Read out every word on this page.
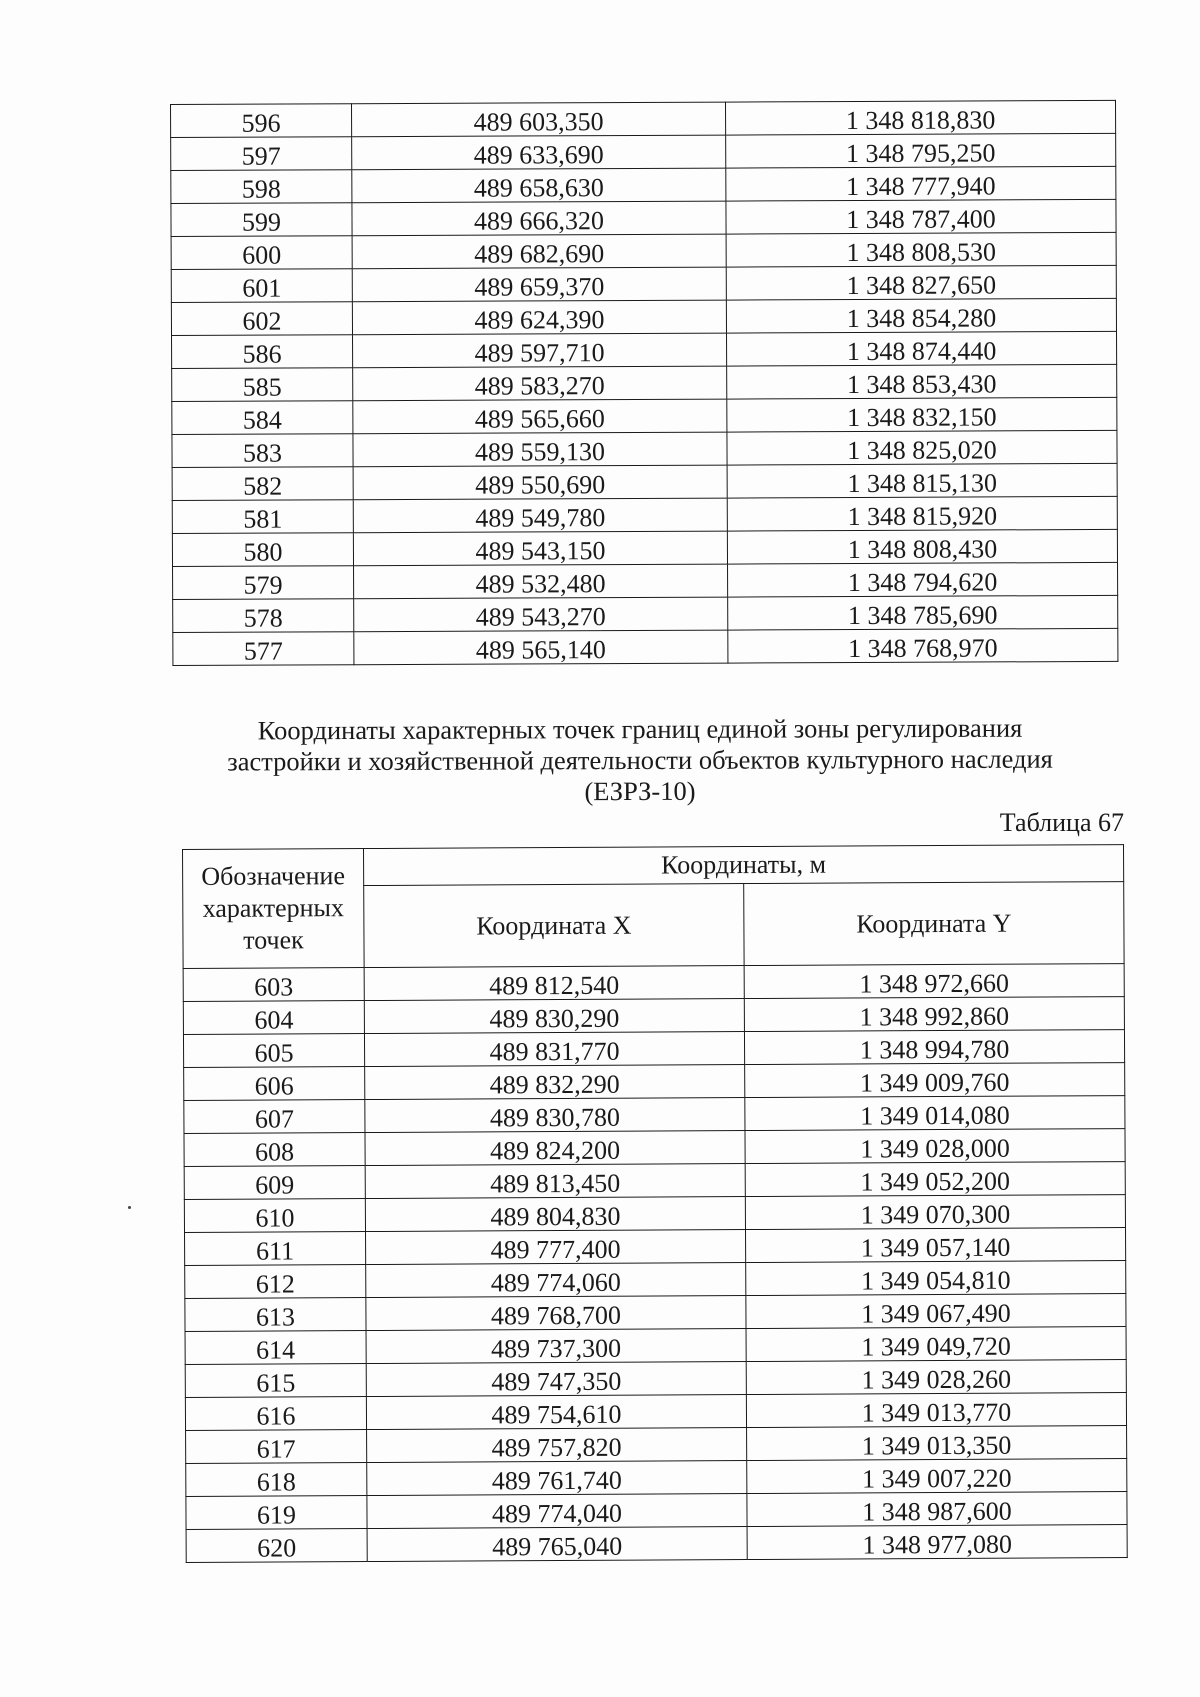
596	489 603,350	1 348 818,830
597	489 633,690	1 348 795,250
598	489 658,630	1 348 777,940
599	489 666,320	1 348 787,400
600	489 682,690	1 348 808,530
601	489 659,370	1 348 827,650
602	489 624,390	1 348 854,280
586	489 597,710	1 348 874,440
585	489 583,270	1 348 853,430
584	489 565,660	1 348 832,150
583	489 559,130	1 348 825,020
582	489 550,690	1 348 815,130
581	489 549,780	1 348 815,920
580	489 543,150	1 348 808,430
579	489 532,480	1 348 794,620
578	489 543,270	1 348 785,690
577	489 565,140	1 348 768,970
Координаты характерных точек границ единой зоны регулирования
застройки и хозяйственной деятельности объектов культурного наследия
(ЕЗРЗ-10)
Таблица 67
Обозначение
характерных
точек	Координаты, м	
	Координата X	Координата Y
603	489 812,540	1 348 972,660
604	489 830,290	1 348 992,860
605	489 831,770	1 348 994,780
606	489 832,290	1 349 009,760
607	489 830,780	1 349 014,080
608	489 824,200	1 349 028,000
609	489 813,450	1 349 052,200
610	489 804,830	1 349 070,300
611	489 777,400	1 349 057,140
612	489 774,060	1 349 054,810
613	489 768,700	1 349 067,490
614	489 737,300	1 349 049,720
615	489 747,350	1 349 028,260
616	489 754,610	1 349 013,770
617	489 757,820	1 349 013,350
618	489 761,740	1 349 007,220
619	489 774,040	1 348 987,600
620	489 765,040	1 348 977,080
